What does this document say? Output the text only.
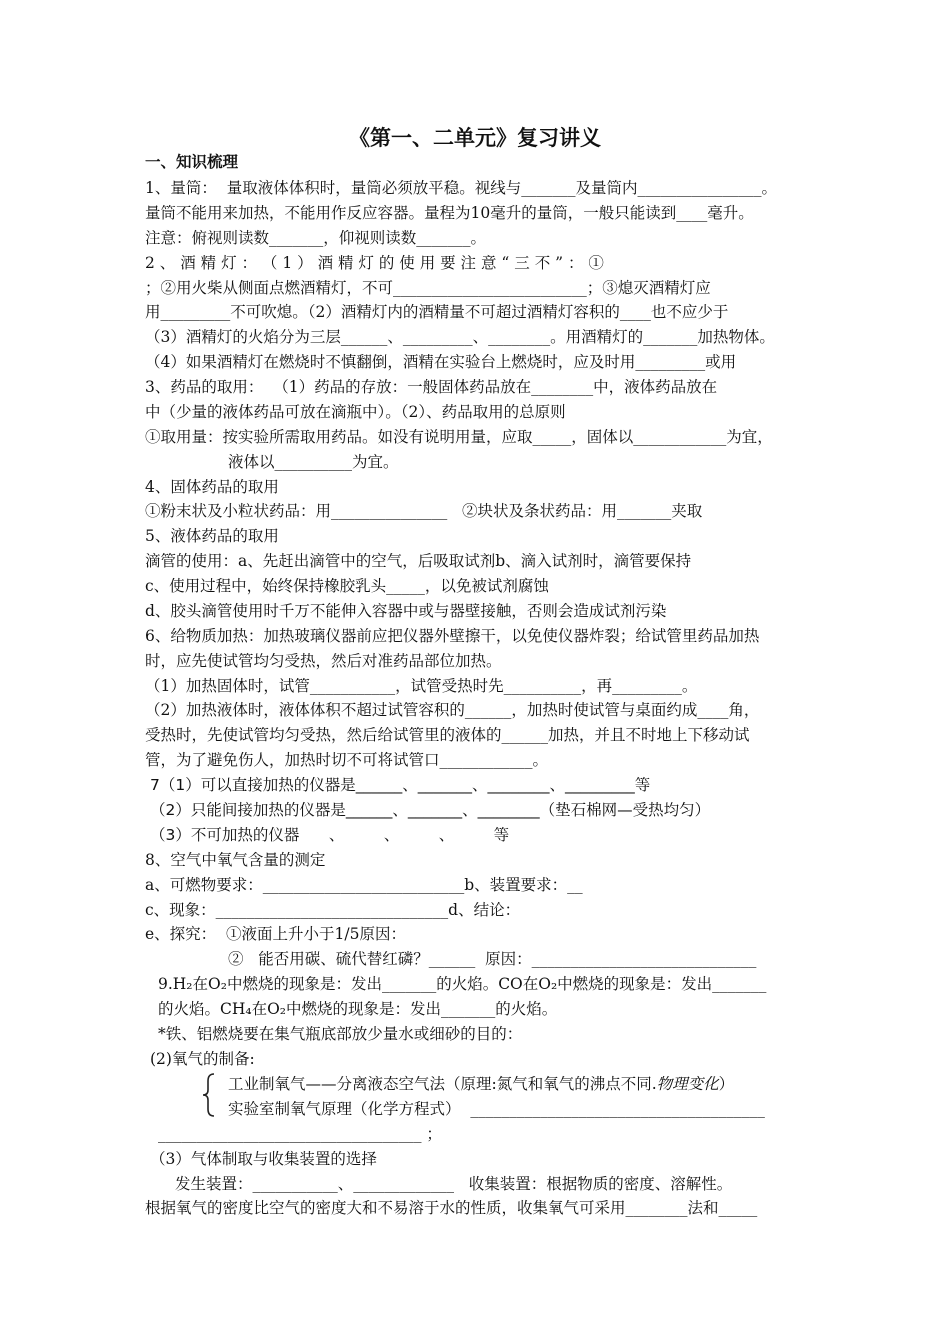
《第一、二单元》复习讲义
一、知识梳理
1、量筒：  量取液体体积时，量筒必须放平稳。视线与_______及量筒内________________。
量筒不能用来加热，不能用作反应容器。量程为10毫升的量筒，一般只能读到____毫升。
注意：俯视则读数_______，仰视则读数_______。
2 、 酒 精 灯 ： （ 1 ） 酒 精 灯 的 使 用 要 注 意 “ 三 不 ” ： ①
；②用火柴从侧面点燃酒精灯，不可_________________________；③熄灭酒精灯应
用_________不可吹熄。（2）酒精灯内的酒精量不可超过酒精灯容积的____也不应少于
（3）酒精灯的火焰分为三层______、_________、________。用酒精灯的_______加热物体。
（4）如果酒精灯在燃烧时不慎翻倒，酒精在实验台上燃烧时，应及时用_________或用
3、药品的取用：  （1）药品的存放：一般固体药品放在________中，液体药品放在
中（少量的液体药品可放在滴瓶中）。（2）、药品取用的总原则
①取用量：按实验所需取用药品。如没有说明用量，应取_____，固体以____________为宜，
液体以__________为宜。
4、固体药品的取用
①粉末状及小粒状药品：用_______________   ②块状及条状药品：用_______夹取
5、液体药品的取用
滴管的使用：a、先赶出滴管中的空气，后吸取试剂b、滴入试剂时，滴管要保持
c、使用过程中，始终保持橡胶乳头_____，以免被试剂腐蚀
d、胶头滴管使用时千万不能伸入容器中或与器壁接触，否则会造成试剂污染
6、给物质加热：加热玻璃仪器前应把仪器外壁擦干，以免使仪器炸裂；给试管里药品加热
时，应先使试管均匀受热，然后对准药品部位加热。
（1）加热固体时，试管___________，试管受热时先__________，再_________。
（2）加热液体时，液体体积不超过试管容积的______，加热时使试管与桌面约成____角，
受热时，先使试管均匀受热，然后给试管里的液体的______加热，并且不时地上下移动试
管，为了避免伤人，加热时切不可将试管口____________。
7（1）可以直接加热的仪器是______、_______、________、_________等
（2）只能间接加热的仪器是______、_______、________（垫石棉网—受热均匀）
（3）不可加热的仪器      、        、        、        等
8、空气中氧气含量的测定
a、可燃物要求：__________________________b、装置要求：__
c、现象：______________________________d、结论：
e、探究：  ①液面上升小于1/5原因：
②   能否用碳、硫代替红磷？______  原因：_____________________________
9.H₂在O₂中燃烧的现象是：发出_______的火焰。CO在O₂中燃烧的现象是：发出_______
的火焰。CH₄在O₂中燃烧的现象是：发出_______的火焰。
*铁、铝燃烧要在集气瓶底部放少量水或细砂的目的：
(2)氧气的制备:
工业制氧气——分离液态空气法（原理:氮气和氧气的沸点不同.物理变化）
实验室制氧气原理（化学方程式）  ______________________________________
__________________________________ ；
（3）气体制取与收集装置的选择
发生装置：___________、_____________   收集装置：根据物质的密度、溶解性。
根据氧气的密度比空气的密度大和不易溶于水的性质，收集氧气可采用________法和_____
